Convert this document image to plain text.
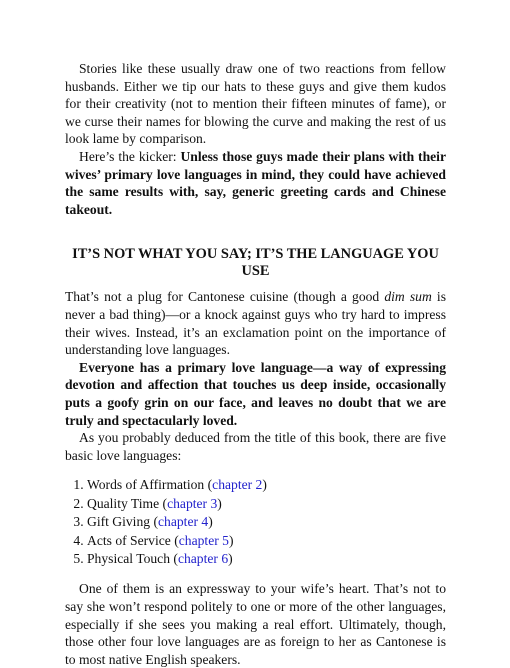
Stories like these usually draw one of two reactions from fellow husbands. Either we tip our hats to these guys and give them kudos for their creativity (not to mention their fifteen minutes of fame), or we curse their names for blowing the curve and making the rest of us look lame by comparison.

Here’s the kicker: Unless those guys made their plans with their wives’ primary love languages in mind, they could have achieved the same results with, say, generic greeting cards and Chinese takeout.

IT’S NOT WHAT YOU SAY; IT’S THE LANGUAGE YOU USE

That’s not a plug for Cantonese cuisine (though a good dim sum is never a bad thing)—or a knock against guys who try hard to impress their wives. Instead, it’s an exclamation point on the importance of understanding love languages.

Everyone has a primary love language—a way of expressing devotion and affection that touches us deep inside, occasionally puts a goofy grin on our face, and leaves no doubt that we are truly and spectacularly loved.

As you probably deduced from the title of this book, there are five basic love languages:

1. Words of Affirmation (chapter 2)
2. Quality Time (chapter 3)
3. Gift Giving (chapter 4)
4. Acts of Service (chapter 5)
5. Physical Touch (chapter 6)

One of them is an expressway to your wife’s heart. That’s not to say she won’t respond politely to one or more of the other languages, especially if she sees you making a real effort. Ultimately, though, those other four love languages are as foreign to her as Cantonese is to most native English speakers.
